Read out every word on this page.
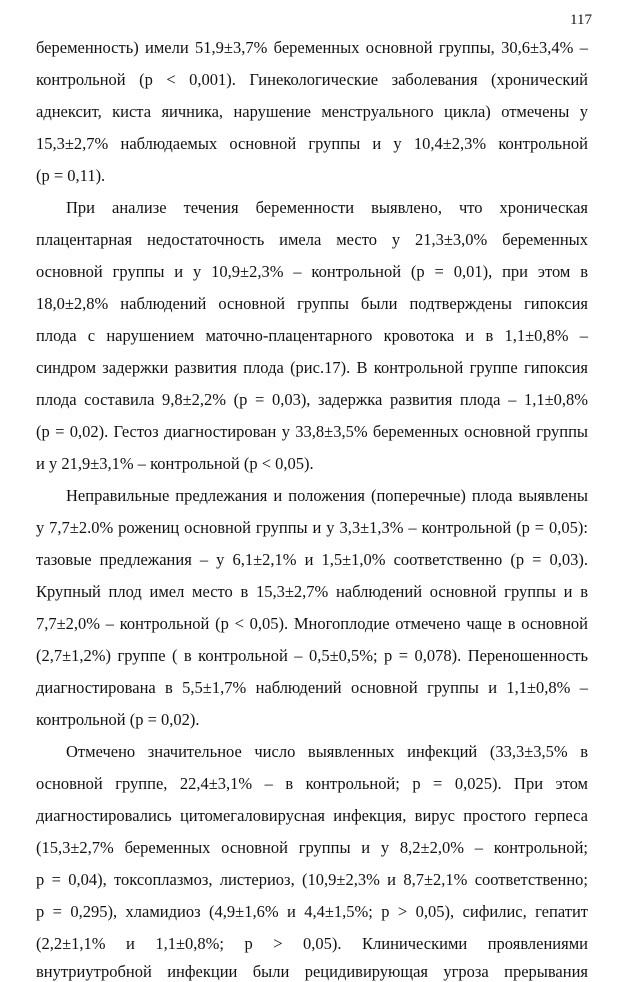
117
беременность) имели 51,9±3,7% беременных основной группы, 30,6±3,4% –
контрольной (p < 0,001). Гинекологические заболевания (хронический
аднексит, киста яичника, нарушение менструального цикла) отмечены у
15,3±2,7% наблюдаемых основной группы и у 10,4±2,3% контрольной
(p = 0,11).
При анализе течения беременности выявлено, что хроническая
плацентарная недостаточность имела место у 21,3±3,0% беременных
основной группы и у 10,9±2,3% – контрольной (p = 0,01), при этом в
18,0±2,8% наблюдений основной группы были подтверждены гипоксия
плода с нарушением маточно-плацентарного кровотока и в 1,1±0,8% –
синдром задержки развития плода (рис.17). В контрольной группе гипоксия
плода составила 9,8±2,2% (p = 0,03), задержка развития плода – 1,1±0,8%
(p = 0,02). Гестоз диагностирован у 33,8±3,5% беременных основной группы
и у 21,9±3,1% – контрольной (p < 0,05).
Неправильные предлежания и положения (поперечные) плода выявлены
у 7,7±2.0% рожениц основной группы и у 3,3±1,3% – контрольной (p = 0,05):
тазовые предлежания – у 6,1±2,1% и 1,5±1,0% соответственно (p = 0,03).
Крупный плод имел место в 15,3±2,7% наблюдений основной группы и в
7,7±2,0% – контрольной (p < 0,05). Многоплодие отмечено чаще в основной
(2,7±1,2%) группе ( в контрольной – 0,5±0,5%; p = 0,078). Переношенность
диагностирована в 5,5±1,7% наблюдений основной группы и 1,1±0,8% –
контрольной (p = 0,02).
Отмечено значительное число выявленных инфекций (33,3±3,5% в
основной группе, 22,4±3,1% – в контрольной; p = 0,025). При этом
диагностировались цитомегаловирусная инфекция, вирус простого герпеса
(15,3±2,7% беременных основной группы и у 8,2±2,0% – контрольной;
p = 0,04), токсоплазмоз, листериоз, (10,9±2,3% и 8,7±2,1% соответственно;
p = 0,295), хламидиоз (4,9±1,6% и 4,4±1,5%; p > 0,05), сифилис, гепатит
(2,2±1,1% и 1,1±0,8%; p > 0,05). Клиническими проявлениями
внутриутробной инфекции были рецидивирующая угроза прерывания
